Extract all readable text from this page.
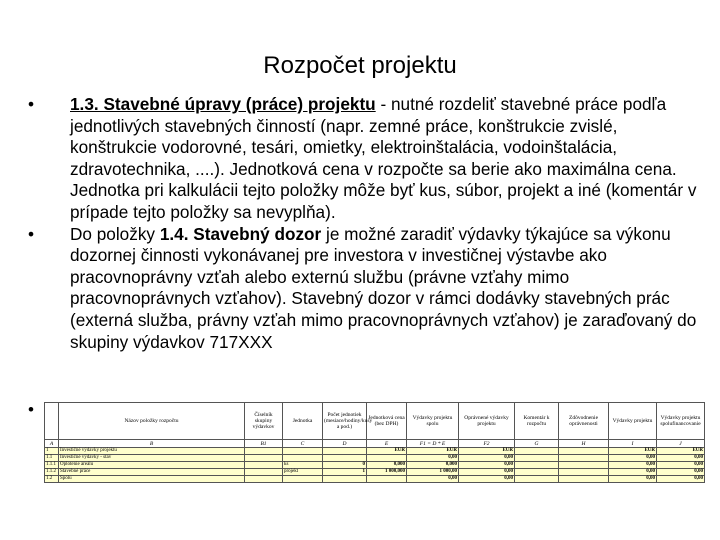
Rozpočet projektu
• 1.3. Stavebné úpravy (práce) projektu - nutné rozdeliť stavebné práce podľa jednotlivých stavebných činností (napr. zemné práce, konštrukcie zvislé, konštrukcie vodorovné, tesári, omietky, elektroinštalácia, vodoinštalácia, zdravotechnika, ....). Jednotková cena v rozpočte sa berie ako maximálna cena. Jednotka pri kalkulácii tejto položky môže byť kus, súbor, projekt a iné (komentár v prípade tejto položky sa nevyplňa).
• Do položky 1.4. Stavebný dozor je možné zaradiť výdavky týkajúce sa výkonu dozornej činnosti vykonávanej pre investora v investičnej výstavbe ako pracovnoprávny vzťah alebo externú službu (právne vzťahy mimo pracovnoprávnych vzťahov). Stavebný dozor v rámci dodávky stavebných prác (externá služba, právny vzťah mimo pracovnoprávnych vzťahov) je zaraďovaný do skupiny výdavkov 717XXX
•
	Názov položky rozpočtu	Číselník skupiny výdavkov	Jednotka	Počet jednotiek (mesiace/hodiny/kusy a pod.)	Jednotková cena (bez DPH)	Výdavky projektu spolu	Oprávnené výdavky projektu	Komentár k rozpočtu	Zdôvodnenie oprávnenosti	Výdavky projektu	Výdavky projektu spolufinancovanie
A	B	B1	C	D	E	F1 = D * E	F2	G	H	I	J
1	Investičné výdavky projektu				EUR	EUR	EUR			EUR	EUR
1.1	Investičné výdavky - stav					0,00	0,00			0,00	0,00
1.1.1	Oplotenie areálu		ks	0	0,000	0,000	0,00			0,00	0,00
1.1.2	Stavebné práce		projekt	1	1 000,000	1 000,00	0,00			0,00	0,00
1.2	Spolu					0,00	0,00			0,00	0,00
